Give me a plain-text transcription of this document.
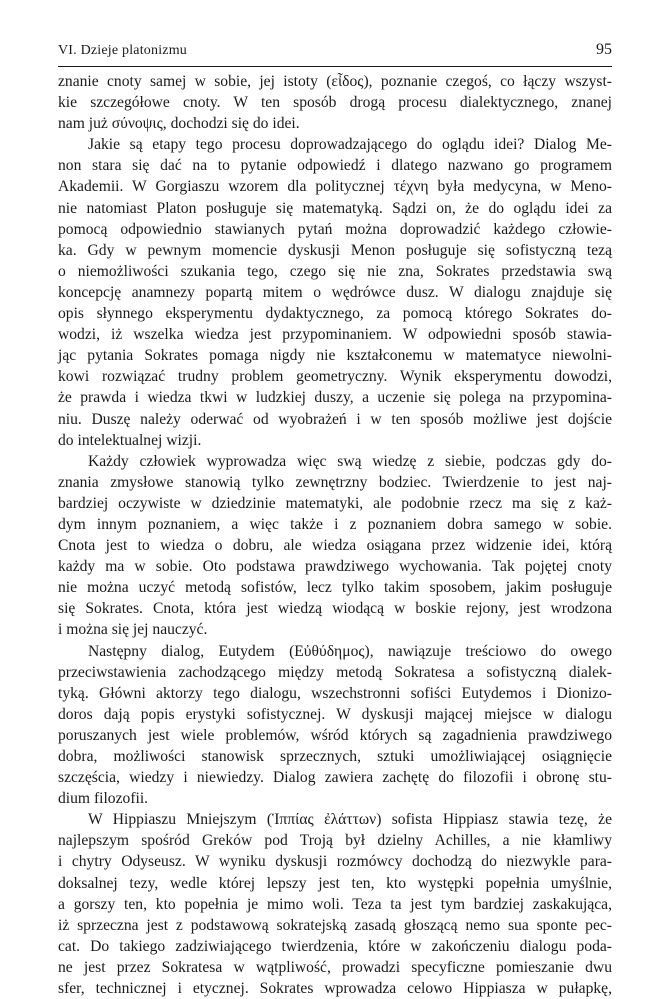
VI. Dzieje platonizmu	95
znanie cnoty samej w sobie, jej istoty (εἶδος), poznanie czegoś, co łączy wszyst-
kie szczegółowe cnoty. W ten sposób drogą procesu dialektycznego, znanej
nam już σύνοψις, dochodzi się do idei.
Jakie są etapy tego procesu doprowadzającego do oglądu idei? Dialog Me-
non stara się dać na to pytanie odpowiedź i dlatego nazwano go programem
Akademii. W Gorgiaszu wzorem dla politycznej τέχνη była medycyna, w Meno-
nie natomiast Platon posługuje się matematyką. Sądzi on, że do oglądu idei za
pomocą odpowiednio stawianych pytań można doprowadzić każdego człowie-
ka. Gdy w pewnym momencie dyskusji Menon posługuje się sofistyczną tezą
o niemożliwości szukania tego, czego się nie zna, Sokrates przedstawia swą
koncepcję anamnezy popartą mitem o wędrówce dusz. W dialogu znajduje się
opis słynnego eksperymentu dydaktycznego, za pomocą którego Sokrates do-
wodzi, iż wszelka wiedza jest przypominaniem. W odpowiedni sposób stawia-
jąc pytania Sokrates pomaga nigdy nie kształconemu w matematyce niewolni-
kowi rozwiązać trudny problem geometryczny. Wynik eksperymentu dowodzi,
że prawda i wiedza tkwi w ludzkiej duszy, a uczenie się polega na przypomina-
niu. Duszę należy oderwać od wyobrażeń i w ten sposób możliwe jest dojście
do intelektualnej wizji.
Każdy człowiek wyprowadza więc swą wiedzę z siebie, podczas gdy do-
znania zmysłowe stanowią tylko zewnętrzny bodziec. Twierdzenie to jest naj-
bardziej oczywiste w dziedzinie matematyki, ale podobnie rzecz ma się z każ-
dym innym poznaniem, a więc także i z poznaniem dobra samego w sobie.
Cnota jest to wiedza o dobru, ale wiedza osiągana przez widzenie idei, którą
każdy ma w sobie. Oto podstawa prawdziwego wychowania. Tak pojętej cnoty
nie można uczyć metodą sofistów, lecz tylko takim sposobem, jakim posługuje
się Sokrates. Cnota, która jest wiedzą wiodącą w boskie rejony, jest wrodzona
i można się jej nauczyć.
Następny dialog, Eutydem (Εὐθύδημος), nawiązuje treściowo do owego
przeciwstawienia zachodzącego między metodą Sokratesa a sofistyczną dialek-
tyką. Główni aktorzy tego dialogu, wszechstronni sofiści Eutydemos i Dionizo-
doros dają popis erystyki sofistycznej. W dyskusji mającej miejsce w dialogu
poruszanych jest wiele problemów, wśród których są zagadnienia prawdziwego
dobra, możliwości stanowisk sprzecznych, sztuki umożliwiającej osiągnięcie
szczęścia, wiedzy i niewiedzy. Dialog zawiera zachętę do filozofii i obronę stu-
dium filozofii.
W Hippiaszu Mniejszym (Ἱππίας ἐλάττων) sofista Hippiasz stawia tezę, że
najlepszym spośród Greków pod Troją był dzielny Achilles, a nie kłamliwy
i chytry Odyseusz. W wyniku dyskusji rozmówcy dochodzą do niezwykle para-
doksalnej tezy, wedle której lepszy jest ten, kto występki popełnia umyślnie,
a gorszy ten, kto popełnia je mimo woli. Teza ta jest tym bardziej zaskakująca,
iż sprzeczna jest z podstawową sokratejską zasadą głoszącą nemo sua sponte pec-
cat. Do takiego zadziwiającego twierdzenia, które w zakończeniu dialogu poda-
ne jest przez Sokratesa w wątpliwość, prowadzi specyficzne pomieszanie dwu
sfer, technicznej i etycznej. Sokrates wprowadza celowo Hippiasza w pułapkę,
